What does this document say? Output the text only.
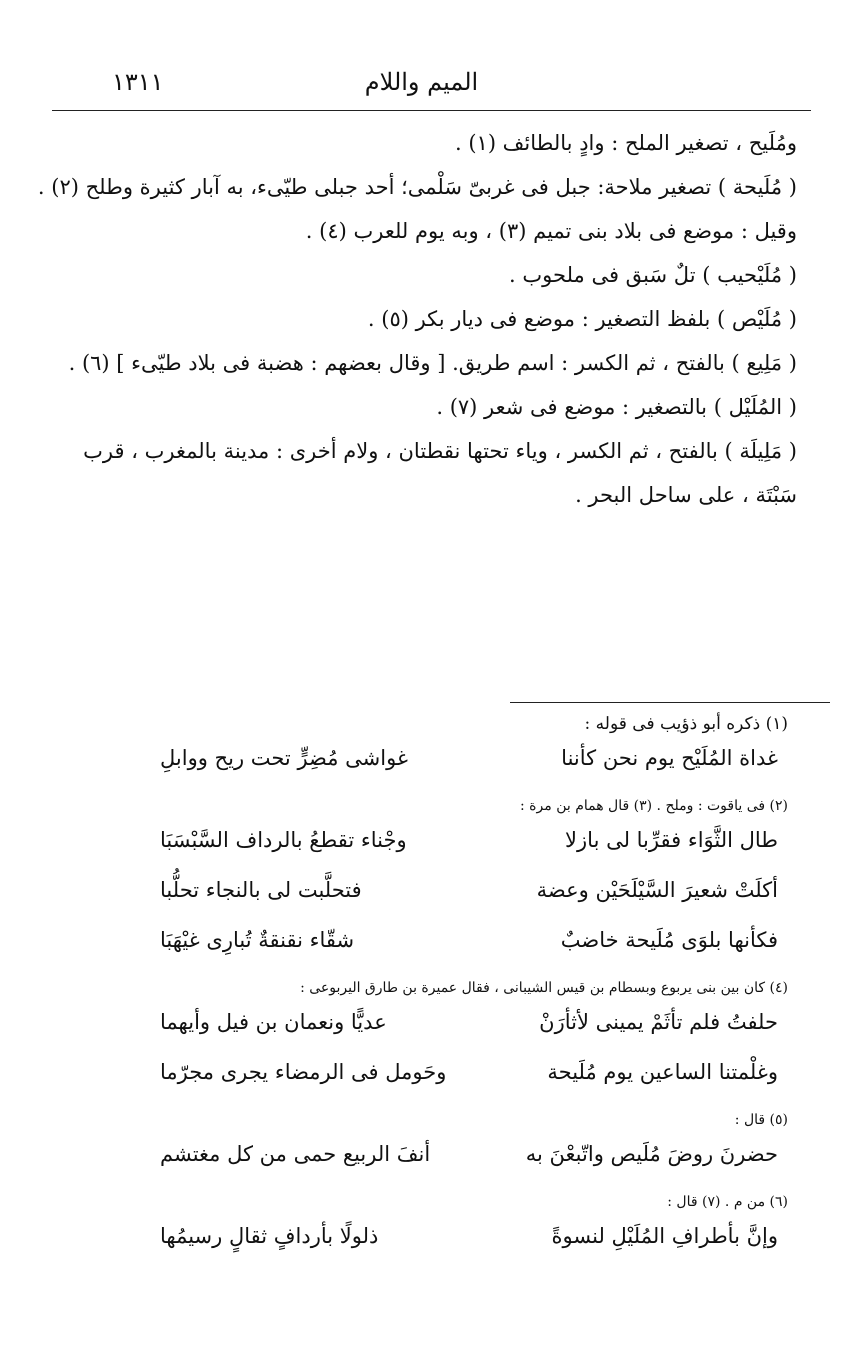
الميم واللام
١٣١١
ومُلَيح ، تصغير الملح : وادٍ بالطائف (١) .
( مُلَيحة ) تصغير ملاحة: جبل فى غربىّ سَلْمى؛ أحد جبلى طيّىء، به آبار كثيرة وطلح (٢) .
وقيل : موضع فى بلاد بنى تميم (٣) ، وبه يوم للعرب (٤) .
( مُلَيْحيب ) تلٌ سَبق فى ملحوب .
( مُلَيْص ) بلفظ التصغير : موضع فى ديار بكر (٥) .
( مَلِيع ) بالفتح ، ثم الكسر : اسم طريق. [ وقال بعضهم : هضبة فى بلاد طيّىء ] (٦) .
( المُلَيْل ) بالتصغير : موضع فى شعر (٧) .
( مَلِيلَة ) بالفتح ، ثم الكسر ، وياء تحتها نقطتان ، ولام أخرى : مدينة بالمغرب ، قرب
سَبْتَة ، على ساحل البحر .
(١) ذكره أبو ذؤيب فى قوله :
غداة المُلَيْح يوم نحن كأننا
غواشى مُضِرٍّ تحت ريح ووابلِ
(٢) فى ياقوت : وملح . (٣) قال همام بن مرة :
طال الثَّوَاء فقرِّبا لى بازلا
وجْناء تقطعُ بالرداف السَّبْسَبَا
أكلَتْ شعيرَ السَّيْلَحَيْن وعضة
فتحلَّبت لى بالنجاء تحلُّبا
فكأنها بلوَى مُلَيحة خاضبٌ
شقّاء نقنقةٌ تُبارِى غيْهَبَا
(٤) كان بين بنى يربوع وبسطام بن قيس الشيبانى ، فقال عميرة بن طارق اليربوعى :
حلفتُ فلم تأثَمْ يمينى لأثأرَنْ
عديًّا ونعمان بن فيل وأيهما
وغلْمتنا الساعين يوم مُلَيحة
وحَومل فى الرمضاء يجرى مجرّما
(٥) قال :
حضرنَ روضَ مُلَيص واتّبعْنَ به
أنفَ الربيع حمى من كل مغتشم
(٦) من م . (٧) قال :
وإنَّ بأطرافِ المُلَيْلِ لنسوةً
ذلولًا بأردافٍ ثقالٍ رسيمُها
